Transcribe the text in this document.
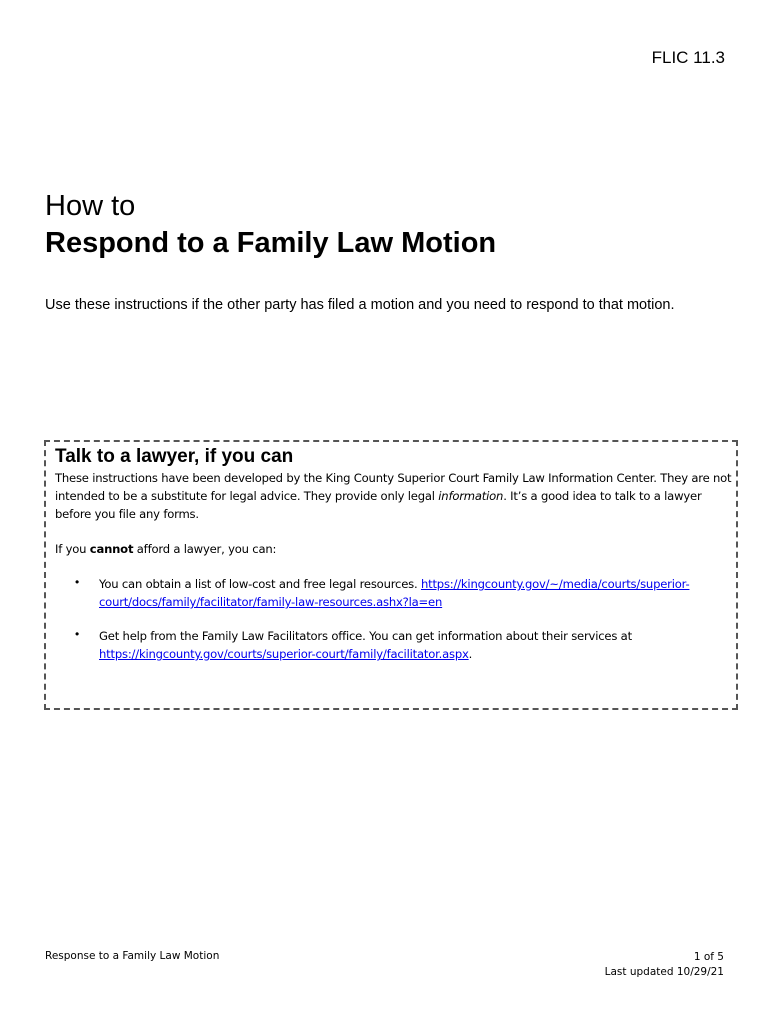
FLIC 11.3
How to
Respond to a Family Law Motion
Use these instructions if the other party has filed a motion and you need to respond to that motion.
Talk to a lawyer, if you can
These instructions have been developed by the King County Superior Court Family Law Information Center. They are not intended to be a substitute for legal advice. They provide only legal information. It’s a good idea to talk to a lawyer before you file any forms.
If you cannot afford a lawyer, you can:
• You can obtain a list of low-cost and free legal resources. https://kingcounty.gov/~/media/courts/superior-court/docs/family/facilitator/family-law-resources.ashx?la=en
• Get help from the Family Law Facilitators office. You can get information about their services at https://kingcounty.gov/courts/superior-court/family/facilitator.aspx.
Response to a Family Law Motion	1 of 5
Last updated 10/29/21
